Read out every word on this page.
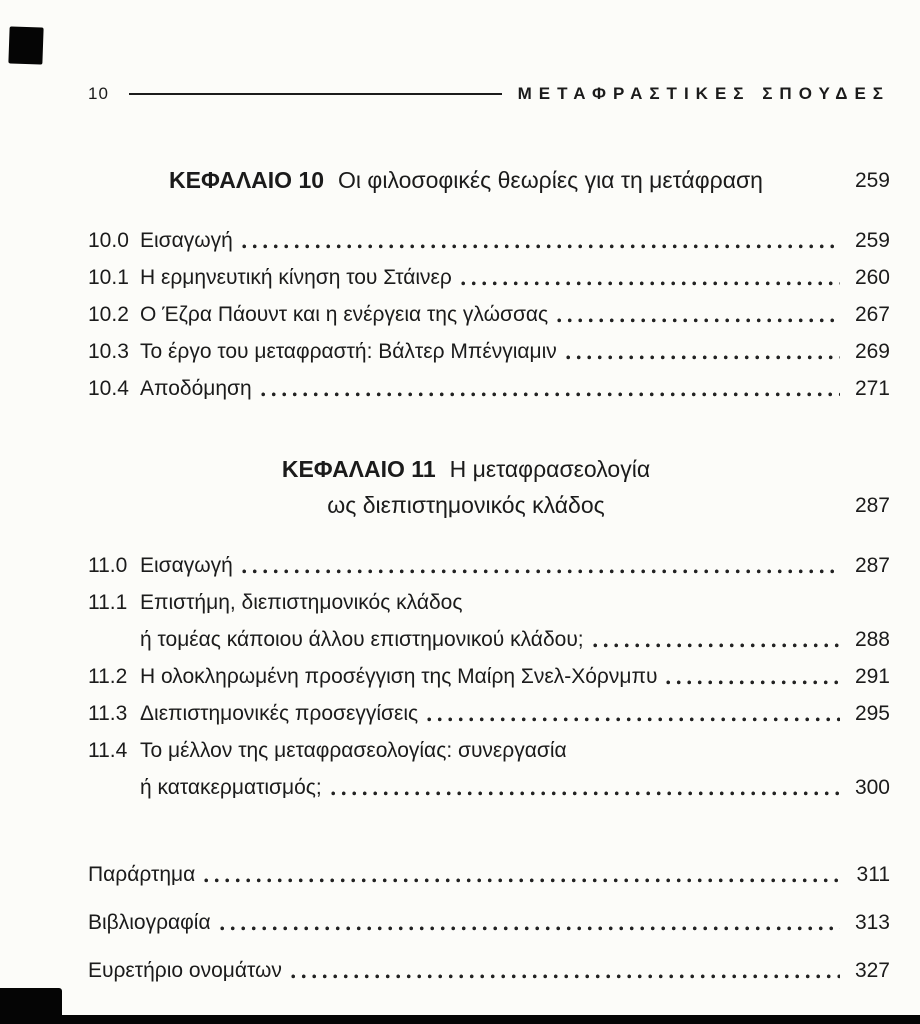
10	ΜΕΤΑΦΡΑΣΤΙΚΕΣ ΣΠΟΥΔΕΣ
ΚΕΦΑΛΑΙΟ 10 Οι φιλοσοφικές θεωρίες για τη μετάφραση	259
10.0 Εισαγωγή	259
10.1 Η ερμηνευτική κίνηση του Στάινερ	260
10.2 Ο Έζρα Πάουντ και η ενέργεια της γλώσσας	267
10.3 Το έργο του μεταφραστή: Βάλτερ Μπένγιαμιν	269
10.4 Αποδόμηση	271
ΚΕΦΑΛΑΙΟ 11 Η μεταφρασεολογία
ως διεπιστημονικός κλάδος	287
11.0 Εισαγωγή	287
11.1 Επιστήμη, διεπιστημονικός κλάδος
ή τομέας κάποιου άλλου επιστημονικού κλάδου;	288
11.2 Η ολοκληρωμένη προσέγγιση της Μαίρη Σνελ-Χόρνμπυ	291
11.3 Διεπιστημονικές προσεγγίσεις	295
11.4 Το μέλλον της μεταφρασεολογίας: συνεργασία
ή κατακερματισμός;	300
Παράρτημα	311
Βιβλιογραφία	313
Ευρετήριο ονομάτων	327
